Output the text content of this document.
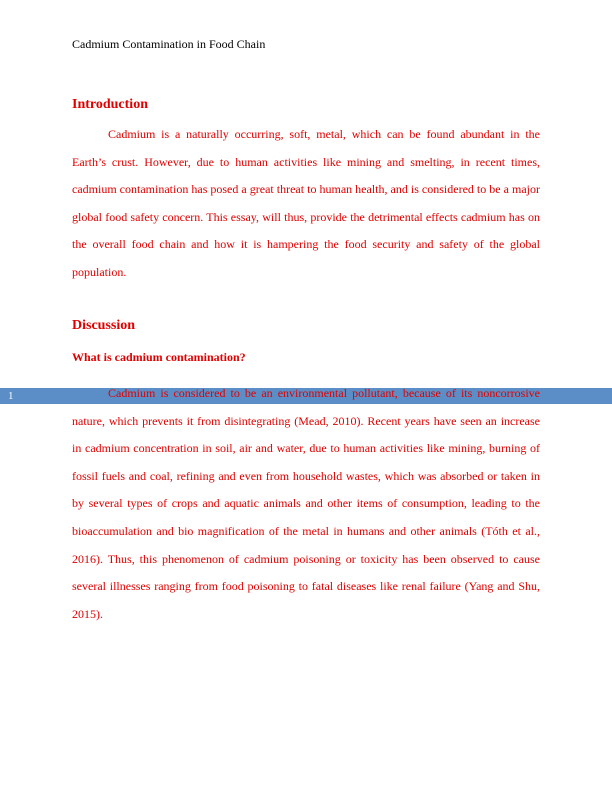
Cadmium Contamination in Food Chain
Introduction

Cadmium is a naturally occurring, soft, metal, which can be found abundant in the Earth’s crust. However, due to human activities like mining and smelting, in recent times, cadmium contamination has posed a great threat to human health, and is considered to be a major global food safety concern. This essay, will thus, provide the detrimental effects cadmium has on the overall food chain and how it is hampering the food security and safety of the global population.

Discussion
What is cadmium contamination?
1	Cadmium is considered to be an environmental pollutant, because of its noncorrosive nature, which prevents it from disintegrating (Mead, 2010). Recent years have seen an increase in cadmium concentration in soil, air and water, due to human activities like mining, burning of fossil fuels and coal, refining and even from household wastes, which was absorbed or taken in by several types of crops and aquatic animals and other items of consumption, leading to the bioaccumulation and bio magnification of the metal in humans and other animals (Tóth et al., 2016). Thus, this phenomenon of cadmium poisoning or toxicity has been observed to cause several illnesses ranging from food poisoning to fatal diseases like renal failure (Yang and Shu, 2015).
